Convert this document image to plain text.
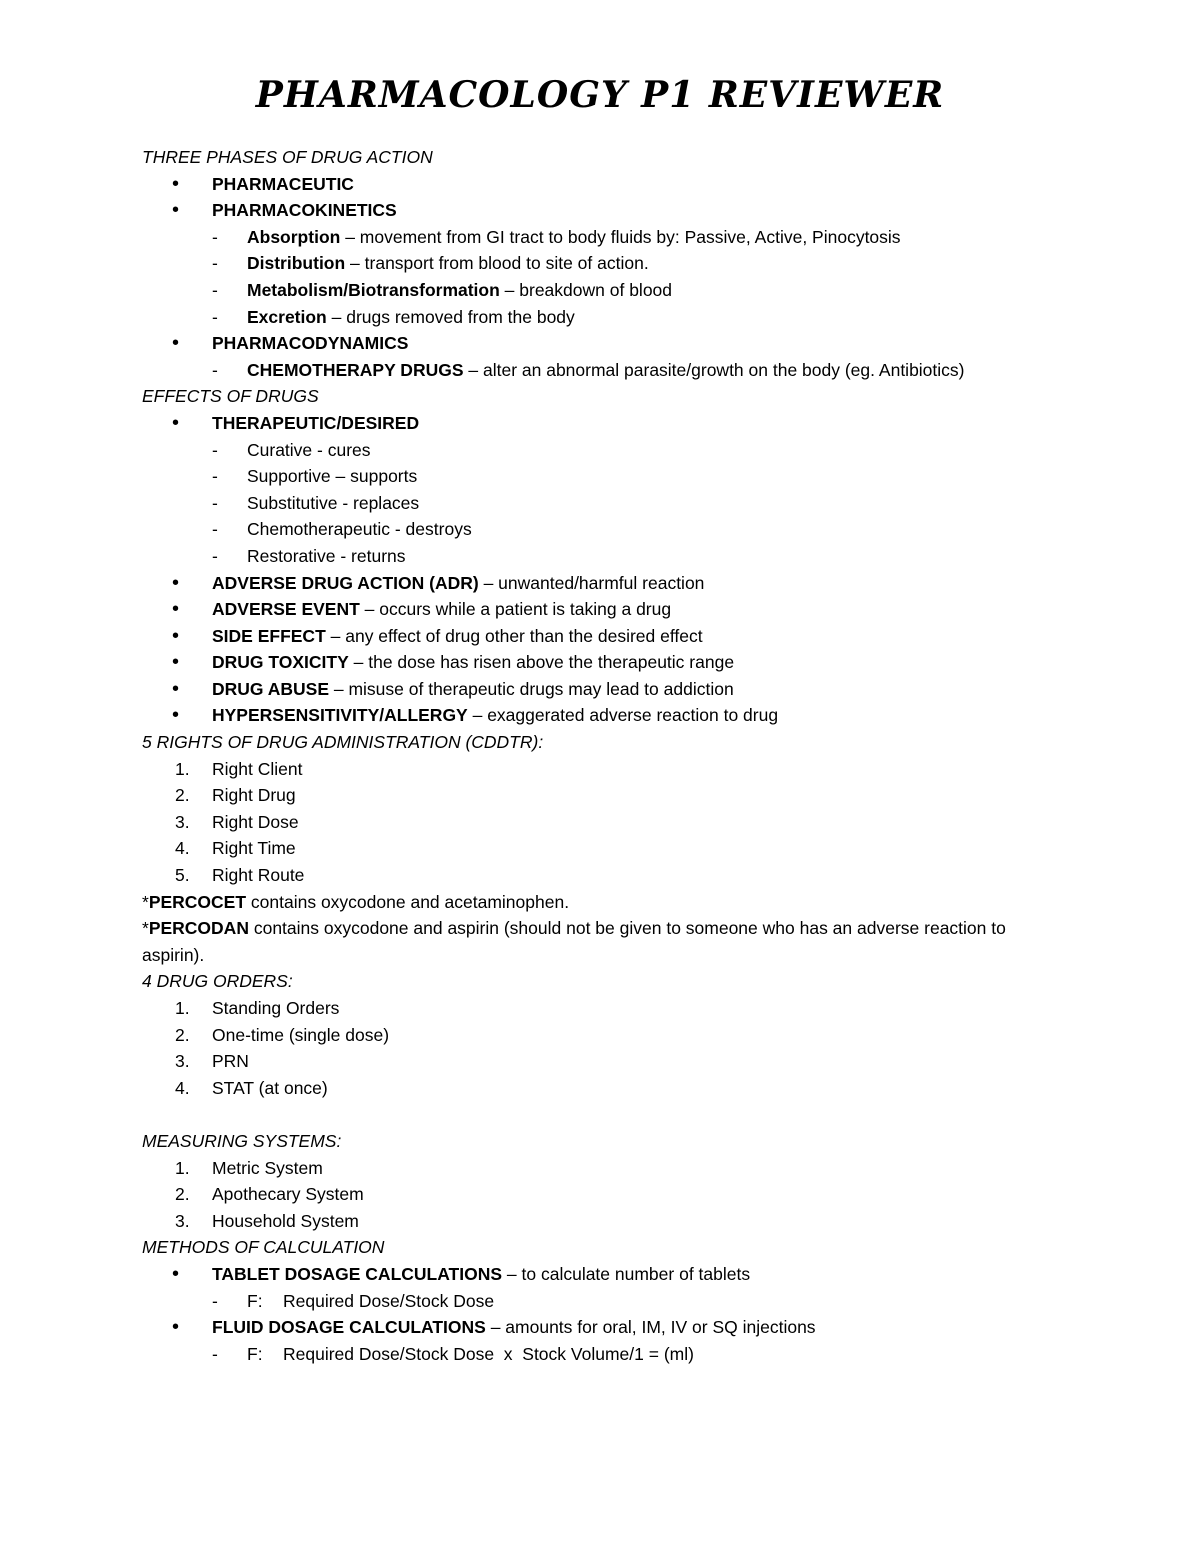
PHARMACOLOGY P1 REVIEWER
THREE PHASES OF DRUG ACTION
• PHARMACEUTIC
• PHARMACOKINETICS
- Absorption – movement from GI tract to body fluids by: Passive, Active, Pinocytosis
- Distribution – transport from blood to site of action.
- Metabolism/Biotransformation – breakdown of blood
- Excretion – drugs removed from the body
• PHARMACODYNAMICS
- CHEMOTHERAPY DRUGS – alter an abnormal parasite/growth on the body (eg. Antibiotics)
EFFECTS OF DRUGS
• THERAPEUTIC/DESIRED
- Curative - cures
- Supportive – supports
- Substitutive - replaces
- Chemotherapeutic - destroys
- Restorative - returns
• ADVERSE DRUG ACTION (ADR) – unwanted/harmful reaction
• ADVERSE EVENT – occurs while a patient is taking a drug
• SIDE EFFECT – any effect of drug other than the desired effect
• DRUG TOXICITY – the dose has risen above the therapeutic range
• DRUG ABUSE – misuse of therapeutic drugs may lead to addiction
• HYPERSENSITIVITY/ALLERGY – exaggerated adverse reaction to drug
5 RIGHTS OF DRUG ADMINISTRATION (CDDTR):
1. Right Client
2. Right Drug
3. Right Dose
4. Right Time
5. Right Route
*PERCOCET contains oxycodone and acetaminophen.
*PERCODAN contains oxycodone and aspirin (should not be given to someone who has an adverse reaction to aspirin).
4 DRUG ORDERS:
1. Standing Orders
2. One-time (single dose)
3. PRN
4. STAT (at once)
MEASURING SYSTEMS:
1. Metric System
2. Apothecary System
3. Household System
METHODS OF CALCULATION
• TABLET DOSAGE CALCULATIONS – to calculate number of tablets
- F: Required Dose/Stock Dose
• FLUID DOSAGE CALCULATIONS – amounts for oral, IM, IV or SQ injections
- F: Required Dose/Stock Dose  x  Stock Volume/1 = (ml)
